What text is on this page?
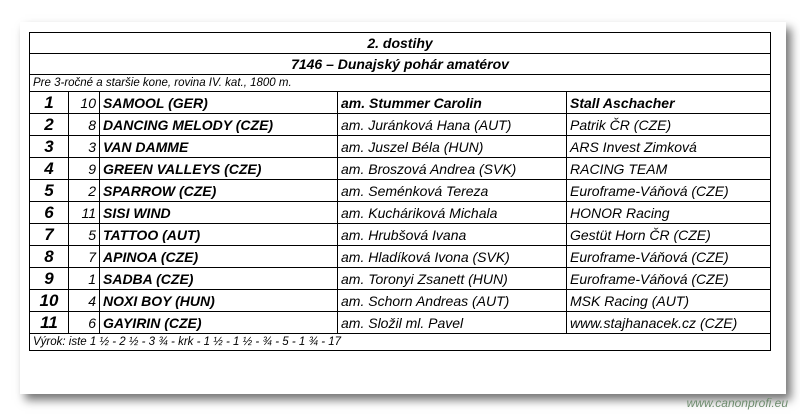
2. dostihy				
7146 – Dunajský pohár amatérov				
Pre 3-ročné a staršie kone, rovina IV. kat., 1800 m.				
1	10	SAMOOL (GER)	am. Stummer Carolin	Stall Aschacher
2	8	DANCING MELODY (CZE)	am. Juránková Hana (AUT)	Patrik ČR (CZE)
3	3	VAN DAMME	am. Juszel Béla (HUN)	ARS Invest Zimková
4	9	GREEN VALLEYS (CZE)	am. Broszová Andrea (SVK)	RACING TEAM
5	2	SPARROW (CZE)	am. Seménková Tereza	Euroframe-Váňová (CZE)
6	11	SISI WIND	am. Kucháriková Michala	HONOR Racing
7	5	TATTOO (AUT)	am. Hrubšová Ivana	Gestüt Horn ČR (CZE)
8	7	APINOA (CZE)	am. Hladíková Ivona (SVK)	Euroframe-Váňová (CZE)
9	1	SADBA (CZE)	am. Toronyi Zsanett (HUN)	Euroframe-Váňová (CZE)
10	4	NOXI BOY (HUN)	am. Schorn Andreas (AUT)	MSK Racing (AUT)
11	6	GAYIRIN (CZE)	am. Složil ml. Pavel	www.stajhanacek.cz (CZE)
Výrok: iste 1 ½ - 2 ½ - 3 ¾ - krk - 1 ½ - 1 ½ - ¾ - 5 - 1 ¾ - 17				
www.canonprofi.eu
